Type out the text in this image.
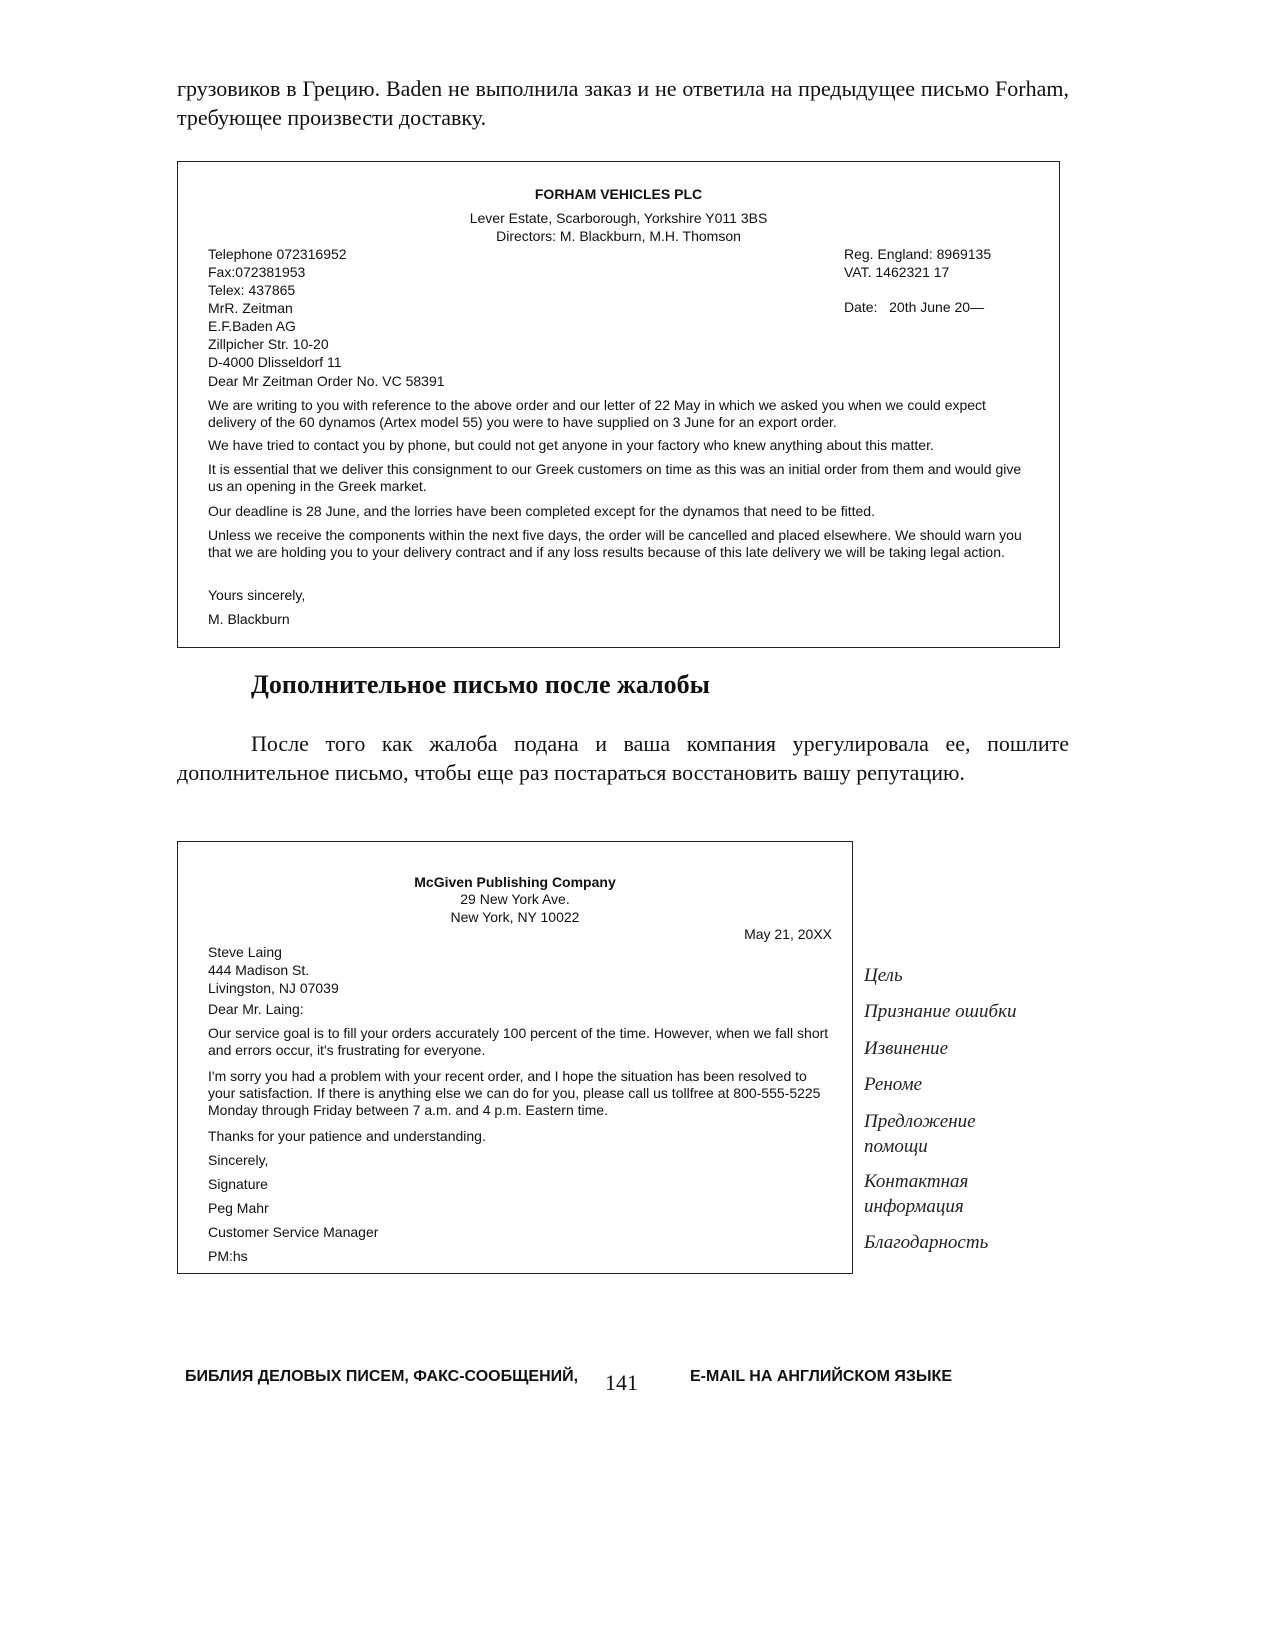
грузовиков в Грецию. Baden не выполнила заказ и не ответила на предыдущее письмо Forham, требующее произвести доставку.
FORHAM VEHICLES PLC
Lever Estate, Scarborough, Yorkshire Y011 3BS
Directors: M. Blackburn, M.H. Thomson
Telephone 072316952
Fax:072381953
Telex: 437865
MrR. Zeitman
E.F.Baden AG
Zillpicher Str. 10-20
D-4000 Dlisseldorf 11
Reg. England: 8969135
VAT. 1462321 17
Date:   20th June 20—
Dear Mr Zeitman Order No. VC 58391
We are writing to you with reference to the above order and our letter of 22 May in which we asked you when we could expect delivery of the 60 dynamos (Artex model 55) you were to have supplied on 3 June for an export order.
We have tried to contact you by phone, but could not get anyone in your factory who knew anything about this matter.
It is essential that we deliver this consignment to our Greek customers on time as this was an initial order from them and would give us an opening in the Greek market.
Our deadline is 28 June, and the lorries have been completed except for the dynamos that need to be fitted.
Unless we receive the components within the next five days, the order will be cancelled and placed elsewhere. We should warn you that we are holding you to your delivery contract and if any loss results because of this late delivery we will be taking legal action.
Yours sincerely,
M. Blackburn
Дополнительное письмо после жалобы
После того как жалоба подана и ваша компания урегулировала ее, пошлите дополнительное письмо, чтобы еще раз постараться восстановить вашу репутацию.
McGiven Publishing Company
29 New York Ave.
New York, NY 10022
May 21, 20XX
Steve Laing
444 Madison St.
Livingston, NJ 07039
Dear Mr. Laing:
Our service goal is to fill your orders accurately 100 percent of the time. However, when we fall short and errors occur, it's frustrating for everyone.
I'm sorry you had a problem with your recent order, and I hope the situation has been resolved to your satisfaction. If there is anything else we can do for you, please call us tollfree at 800-555-5225 Monday through Friday between 7 a.m. and 4 p.m. Eastern time.
Thanks for your patience and understanding.
Sincerely,
Signature
Peg Mahr
Customer Service Manager
PM:hs
Цель
Признание ошибки
Извинение
Реноме
Предложение помощи
Контактная информация
Благодарность
БИБЛИЯ ДЕЛОВЫХ ПИСЕМ, ФАКС-СООБЩЕНИЙ, 141	E-MAIL НА АНГЛИЙСКОМ ЯЗЫКЕ
